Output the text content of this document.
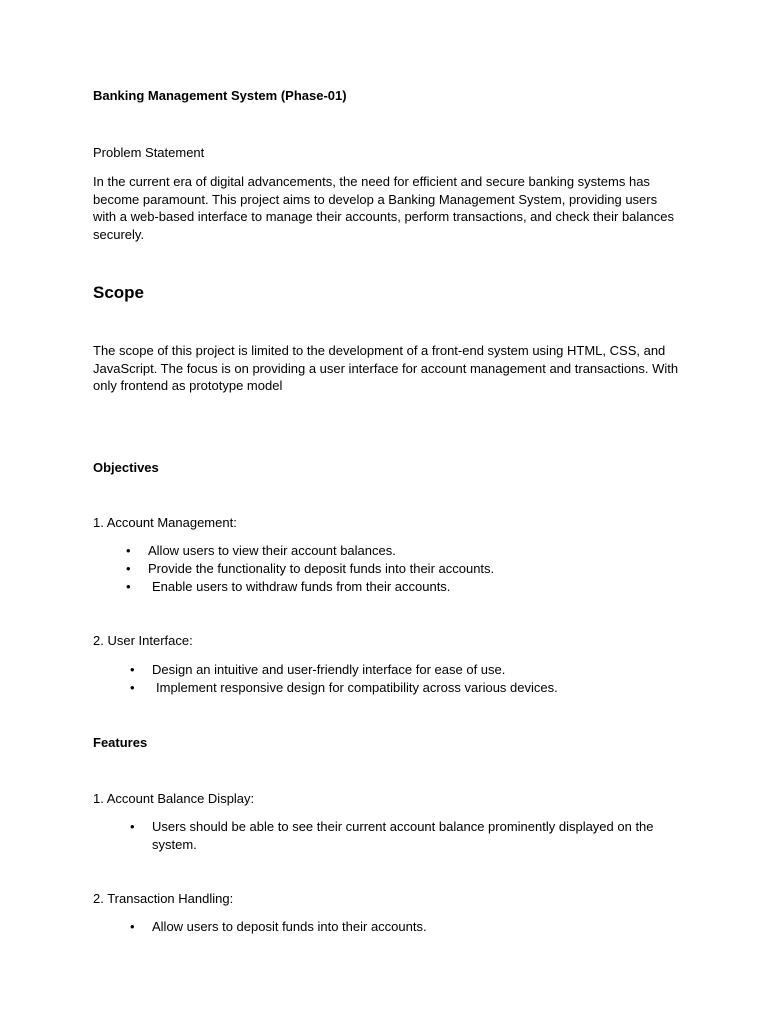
Banking Management System (Phase-01)

Problem Statement

In the current era of digital advancements, the need for efficient and secure banking systems has become paramount. This project aims to develop a Banking Management System, providing users with a web-based interface to manage their accounts, perform transactions, and check their balances securely.

Scope

The scope of this project is limited to the development of a front-end system using HTML, CSS, and JavaScript. The focus is on providing a user interface for account management and transactions. With only frontend as prototype model

Objectives

1. Account Management:

•	Allow users to view their account balances.
•	Provide the functionality to deposit funds into their accounts.
•	Enable users to withdraw funds from their accounts.

2. User Interface:

•	Design an intuitive and user-friendly interface for ease of use.
•	Implement responsive design for compatibility across various devices.

Features

1. Account Balance Display:

•	Users should be able to see their current account balance prominently displayed on the system.

2. Transaction Handling:

•	Allow users to deposit funds into their accounts.
